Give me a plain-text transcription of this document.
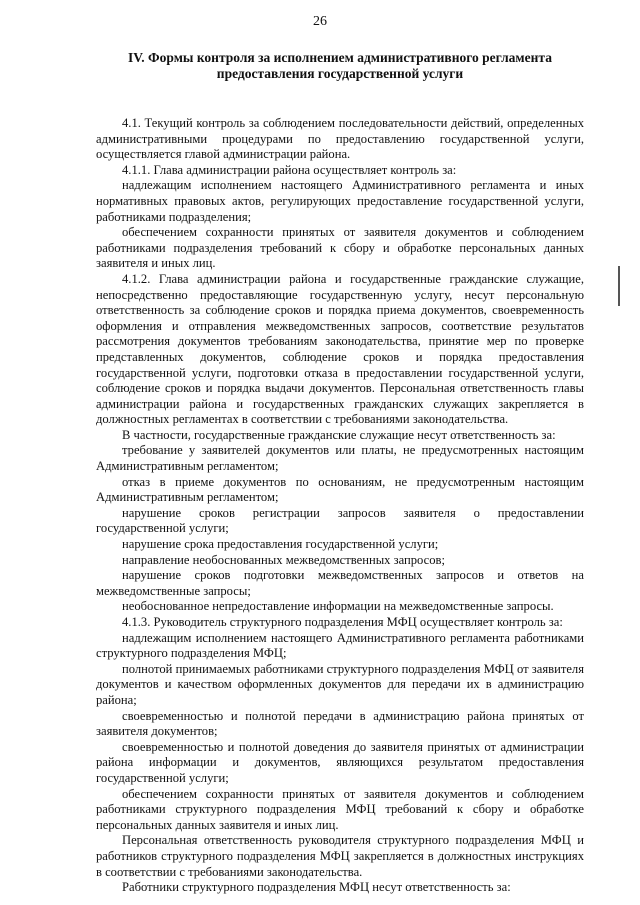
26
IV. Формы контроля за исполнением административного регламента
предоставления государственной услуги

4.1. Текущий контроль за соблюдением последовательности действий, определенных административными процедурами по предоставлению государственной услуги, осуществляется главой администрации района.

4.1.1. Глава администрации района осуществляет контроль за:

надлежащим исполнением настоящего Административного регламента и иных нормативных правовых актов, регулирующих предоставление государственной услуги, работниками подразделения;

обеспечением сохранности принятых от заявителя документов и соблюдением работниками подразделения требований к сбору и обработке персональных данных заявителя и иных лиц.

4.1.2. Глава администрации района и государственные гражданские служащие, непосредственно предоставляющие государственную услугу, несут персональную ответственность за соблюдение сроков и порядка приема документов, своевременность оформления и отправления межведомственных запросов, соответствие результатов рассмотрения документов требованиям законодательства, принятие мер по проверке представленных документов, соблюдение сроков и порядка предоставления государственной услуги, подготовки отказа в предоставлении государственной услуги, соблюдение сроков и порядка выдачи документов. Персональная ответственность главы администрации района и государственных гражданских служащих закрепляется в должностных регламентах в соответствии с требованиями законодательства.

В частности, государственные гражданские служащие несут ответственность за:

требование у заявителей документов или платы, не предусмотренных настоящим Административным регламентом;

отказ в приеме документов по основаниям, не предусмотренным настоящим Административным регламентом;

нарушение сроков регистрации запросов заявителя о предоставлении государственной услуги;

нарушение срока предоставления государственной услуги;

направление необоснованных межведомственных запросов;

нарушение сроков подготовки межведомственных запросов и ответов на межведомственные запросы;

необоснованное непредоставление информации на межведомственные запросы.

4.1.3. Руководитель структурного подразделения МФЦ осуществляет контроль за:

надлежащим исполнением настоящего Административного регламента работниками структурного подразделения МФЦ;

полнотой принимаемых работниками структурного подразделения МФЦ от заявителя документов и качеством оформленных документов для передачи их в администрацию района;

своевременностью и полнотой передачи в администрацию района принятых от заявителя документов;

своевременностью и полнотой доведения до заявителя принятых от администрации района информации и документов, являющихся результатом предоставления государственной услуги;

обеспечением сохранности принятых от заявителя документов и соблюдением работниками структурного подразделения МФЦ требований к сбору и обработке персональных данных заявителя и иных лиц.

Персональная ответственность руководителя структурного подразделения МФЦ и работников структурного подразделения МФЦ закрепляется в должностных инструкциях в соответствии с требованиями законодательства.

Работники структурного подразделения МФЦ несут ответственность за:
